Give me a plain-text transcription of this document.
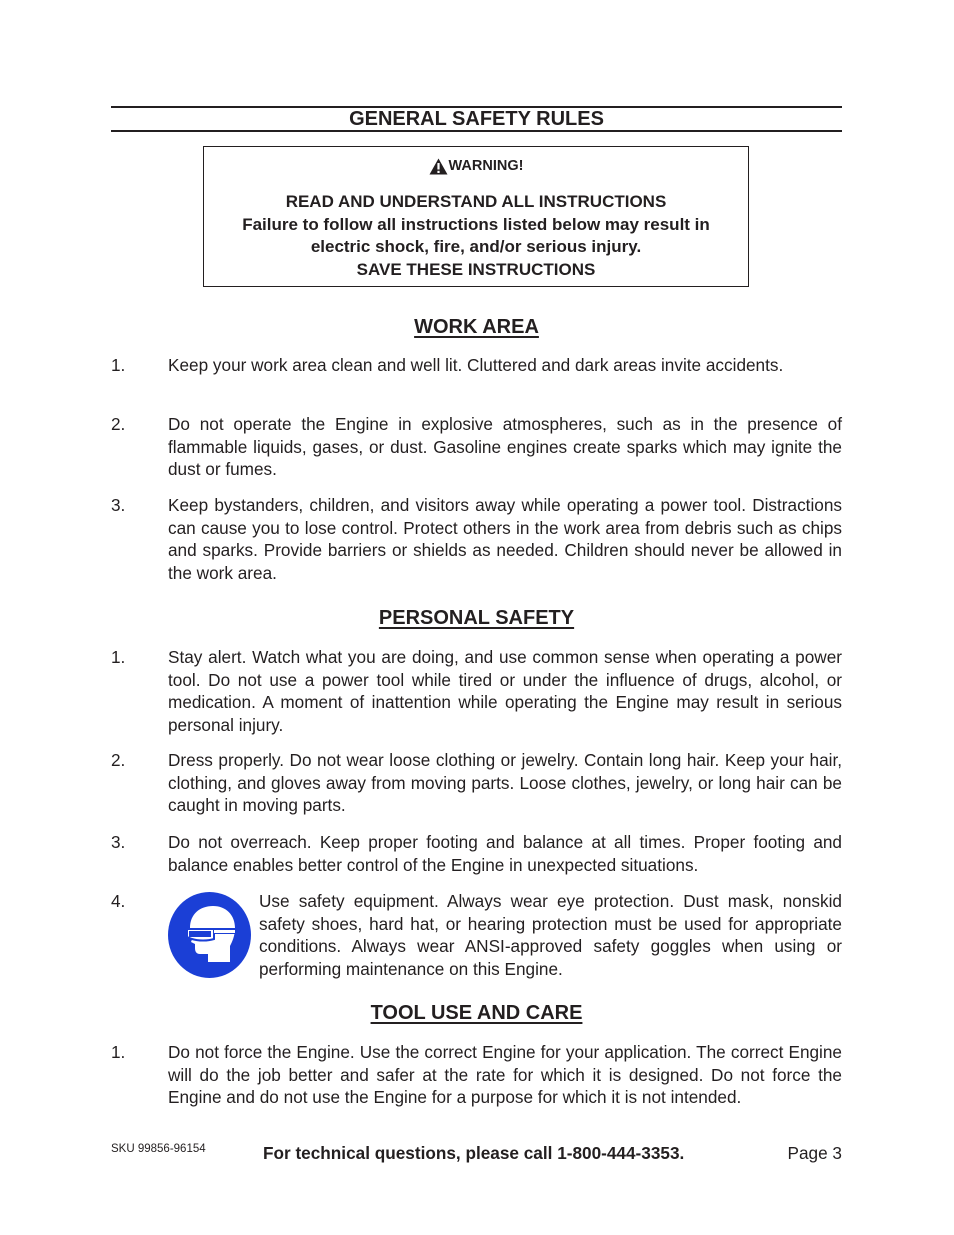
GENERAL SAFETY RULES
WARNING!
READ AND UNDERSTAND ALL INSTRUCTIONS
Failure to follow all instructions listed below may result in
electric shock, fire, and/or serious injury.
SAVE THESE INSTRUCTIONS
WORK AREA
1. Keep your work area clean and well lit. Cluttered and dark areas invite accidents.
2. Do not operate the Engine in explosive atmospheres, such as in the presence of flammable liquids, gases, or dust. Gasoline engines create sparks which may ignite the dust or fumes.
3. Keep bystanders, children, and visitors away while operating a power tool. Distractions can cause you to lose control. Protect others in the work area from debris such as chips and sparks. Provide barriers or shields as needed. Children should never be allowed in the work area.
PERSONAL SAFETY
1. Stay alert. Watch what you are doing, and use common sense when operating a power tool. Do not use a power tool while tired or under the influence of drugs, alcohol, or medication. A moment of inattention while operating the Engine may result in serious personal injury.
2. Dress properly. Do not wear loose clothing or jewelry. Contain long hair. Keep your hair, clothing, and gloves away from moving parts. Loose clothes, jewelry, or long hair can be caught in moving parts.
3. Do not overreach. Keep proper footing and balance at all times. Proper footing and balance enables better control of the Engine in unexpected situations.
4.	Use safety equipment. Always wear eye protection. Dust mask, nonskid safety shoes, hard hat, or hearing protection must be used for appropriate conditions. Always wear ANSI-approved safety goggles when using or performing maintenance on this Engine.
TOOL USE AND CARE
1. Do not force the Engine. Use the correct Engine for your application. The correct Engine will do the job better and safer at the rate for which it is designed. Do not force the Engine and do not use the Engine for a purpose for which it is not intended.
SKU 99856-96154	For technical questions, please call 1-800-444-3353.	Page 3
